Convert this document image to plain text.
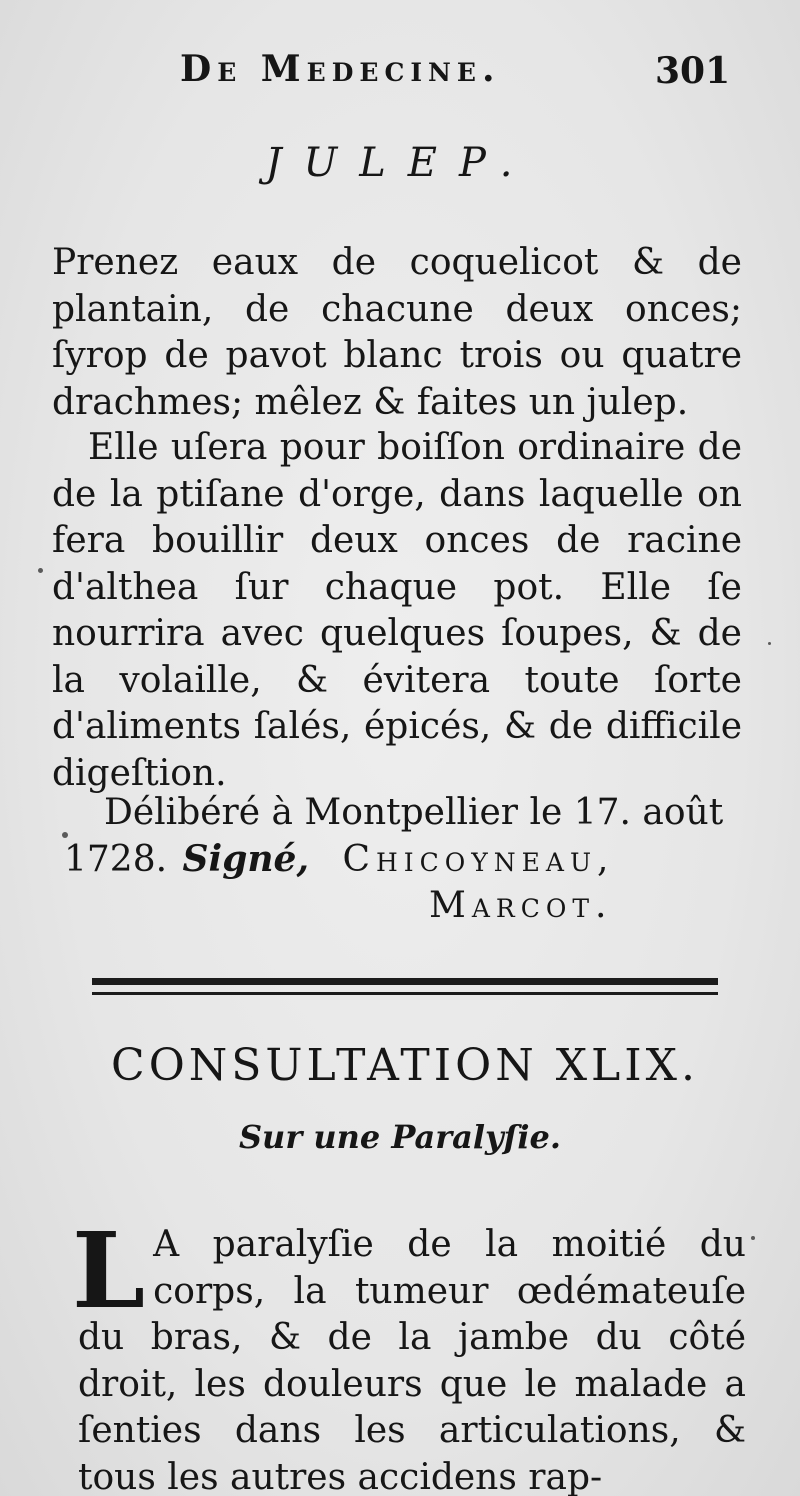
De Medecine.	301
JULEP.

Prenez eaux de coquelicot & de plantain, de chacune deux onces; ſyrop de pavot blanc trois ou quatre drachmes; mêlez & faites un julep.

Elle uſera pour boiſſon ordinaire de de la ptiſane d'orge, dans laquelle on fera bouillir deux onces de racine d'althea ſur chaque pot. Elle ſe nourrira avec quelques ſoupes, & de la volaille, & évitera toute ſorte d'aliments ſalés, épicés, & de difficile digeſtion.

Délibéré à Montpellier le 17. août
1728. Signé, Chicoyneau,
Marcot.
CONSULTATION XLIX.
Sur une Paralyſie.

L A paralyſie de la moitié du corps, la tumeur œdémateuſe du bras, & de la jambe du côté droit, les douleurs que le malade a ſenties dans les articulations, & tous les autres accidens rap-
